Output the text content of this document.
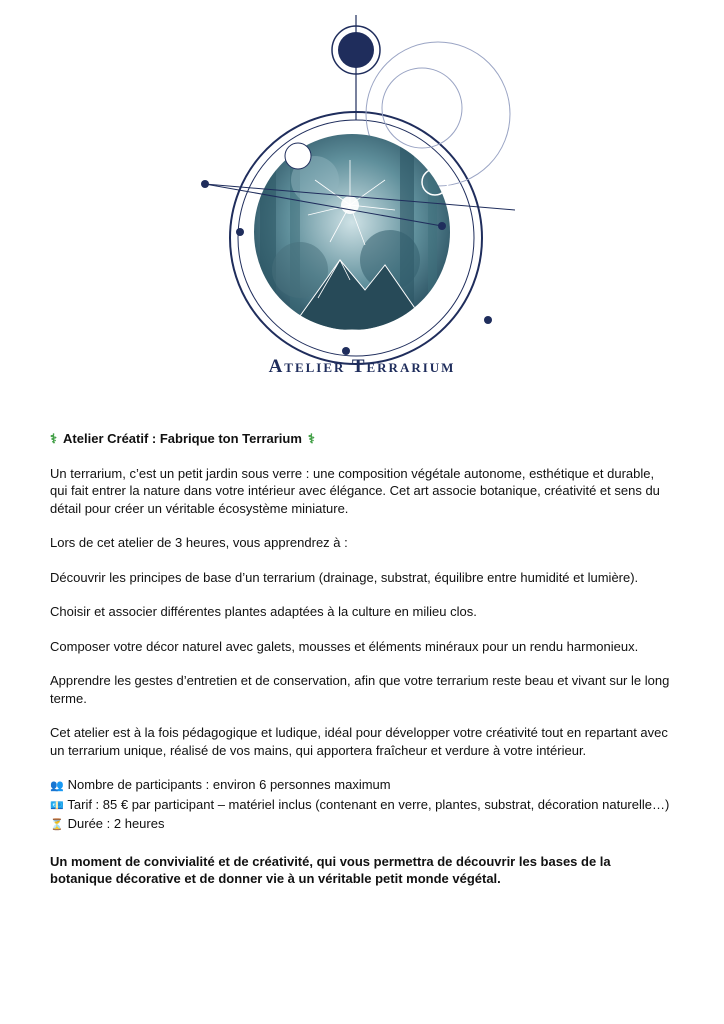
Atelier Terrarium
⚕ Atelier Créatif : Fabrique ton Terrarium ⚕

Un terrarium, c’est un petit jardin sous verre : une composition végétale autonome, esthétique et durable, qui fait entrer la nature dans votre intérieur avec élégance. Cet art associe botanique, créativité et sens du détail pour créer un véritable écosystème miniature.

Lors de cet atelier de 3 heures, vous apprendrez à :

Découvrir les principes de base d’un terrarium (drainage, substrat, équilibre entre humidité et lumière).

Choisir et associer différentes plantes adaptées à la culture en milieu clos.

Composer votre décor naturel avec galets, mousses et éléments minéraux pour un rendu harmonieux.

Apprendre les gestes d’entretien et de conservation, afin que votre terrarium reste beau et vivant sur le long terme.

Cet atelier est à la fois pédagogique et ludique, idéal pour développer votre créativité tout en repartant avec un terrarium unique, réalisé de vos mains, qui apportera fraîcheur et verdure à votre intérieur.

👥 Nombre de participants : environ 6 personnes maximum
💶 Tarif : 85 € par participant – matériel inclus (contenant en verre, plantes, substrat, décoration naturelle…)
⏳ Durée : 2 heures

Un moment de convivialité et de créativité, qui vous permettra de découvrir les bases de la botanique décorative et de donner vie à un véritable petit monde végétal.
